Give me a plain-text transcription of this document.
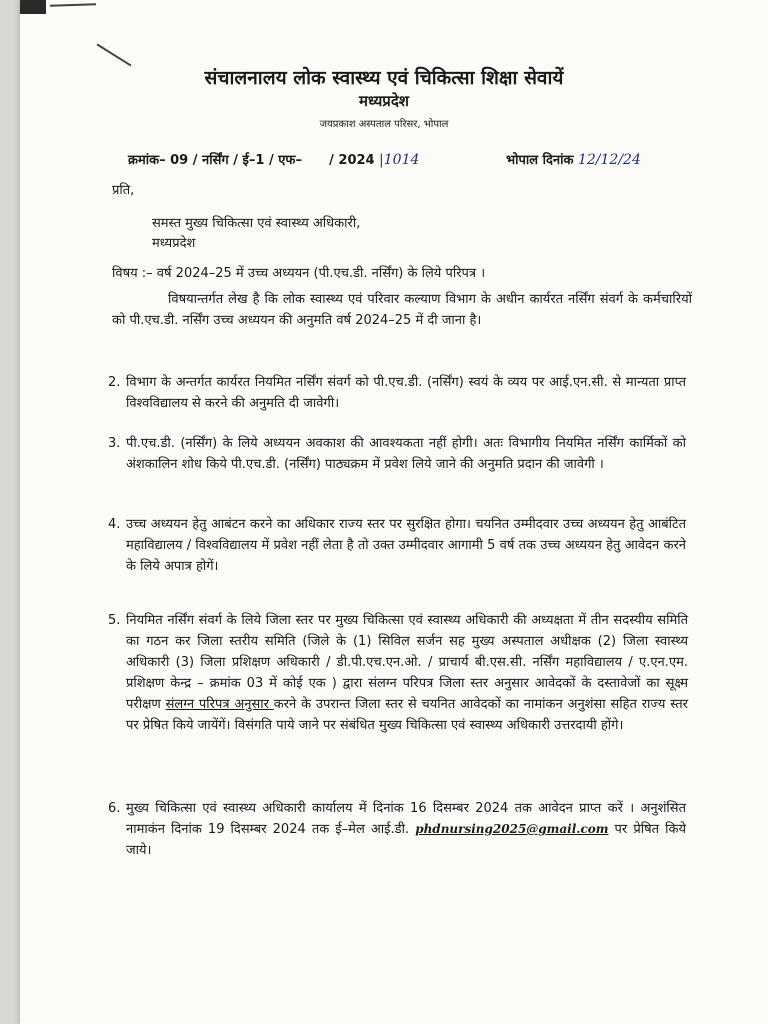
संचालनालय लोक स्वास्थ्य एवं चिकित्सा शिक्षा सेवायें
मध्यप्रदेश
जयप्रकाश अस्पताल परिसर, भोपाल
क्रमांक– 09 / नर्सिंग / ई–1 / एफ– / 2024 |1014	भोपाल दिनांक 12/12/24
प्रति,
समस्त मुख्य चिकित्सा एवं स्वास्थ्य अधिकारी,
मध्यप्रदेश
विषय :– वर्ष 2024–25 में उच्च अध्ययन (पी.एच.डी. नर्सिंग) के लिये परिपत्र ।
विषयान्तर्गत लेख है कि लोक स्वास्थ्य एवं परिवार कल्याण विभाग के अधीन कार्यरत नर्सिंग संवर्ग के कर्मचारियों को पी.एच.डी. नर्सिंग उच्च अध्ययन की अनुमति वर्ष 2024–25 में दी जाना है।
2. विभाग के अन्तर्गत कार्यरत नियमित नर्सिंग संवर्ग को पी.एच.डी. (नर्सिंग) स्वयं के व्यय पर आई.एन.सी. से मान्यता प्राप्त विश्वविद्यालय से करने की अनुमति दी जावेगी।
3. पी.एच.डी. (नर्सिंग) के लिये अध्ययन अवकाश की आवश्यकता नहीं होगी। अतः विभागीय नियमित नर्सिंग कार्मिकों को अंशकालिन शोध किये पी.एच.डी. (नर्सिंग) पाठ्यक्रम में प्रवेश लिये जाने की अनुमति प्रदान की जावेगी ।
4. उच्च अध्ययन हेतु आबंटन करने का अधिकार राज्य स्तर पर सुरक्षित होगा। चयनित उम्मीदवार उच्च अध्ययन हेतु आबंटित महाविद्यालय / विश्वविद्यालय में प्रवेश नहीं लेता है तो उक्त उम्मीदवार आगामी 5 वर्ष तक उच्च अध्ययन हेतु आवेदन करने के लिये अपात्र होगें।
5. नियमित नर्सिंग संवर्ग के लिये जिला स्तर पर मुख्य चिकित्सा एवं स्वास्थ्य अधिकारी की अध्यक्षता में तीन सदस्यीय समिति का गठन कर जिला स्तरीय समिति (जिले के (1) सिविल सर्जन सह मुख्य अस्पताल अधीक्षक (2) जिला स्वास्थ्य अधिकारी (3) जिला प्रशिक्षण अधिकारी / डी.पी.एच.एन.ओ. / प्राचार्य बी.एस.सी. नर्सिंग महाविद्यालय / ए.एन.एम. प्रशिक्षण केन्द्र – क्रमांक 03 में कोई एक ) द्वारा संलग्न परिपत्र जिला स्तर अनुसार आवेदकों के दस्तावेजों का सूक्ष्म परीक्षण संलग्न परिपत्र अनुसार करने के उपरान्त जिला स्तर से चयनित आवेदकों का नामांकन अनुशंसा सहित राज्य स्तर पर प्रेषित किये जायेंगें। विसंगति पाये जाने पर संबंधित मुख्य चिकित्सा एवं स्वास्थ्य अधिकारी उत्तरदायी होंगे।
6. मुख्य चिकित्सा एवं स्वास्थ्य अधिकारी कार्यालय में दिनांक 16 दिसम्बर 2024 तक आवेदन प्राप्त करें । अनुशंसित नामाकंन दिनांक 19 दिसम्बर 2024 तक ई–मेल आई.डी. phdnursing2025@gmail.com पर प्रेषित किये जाये।
